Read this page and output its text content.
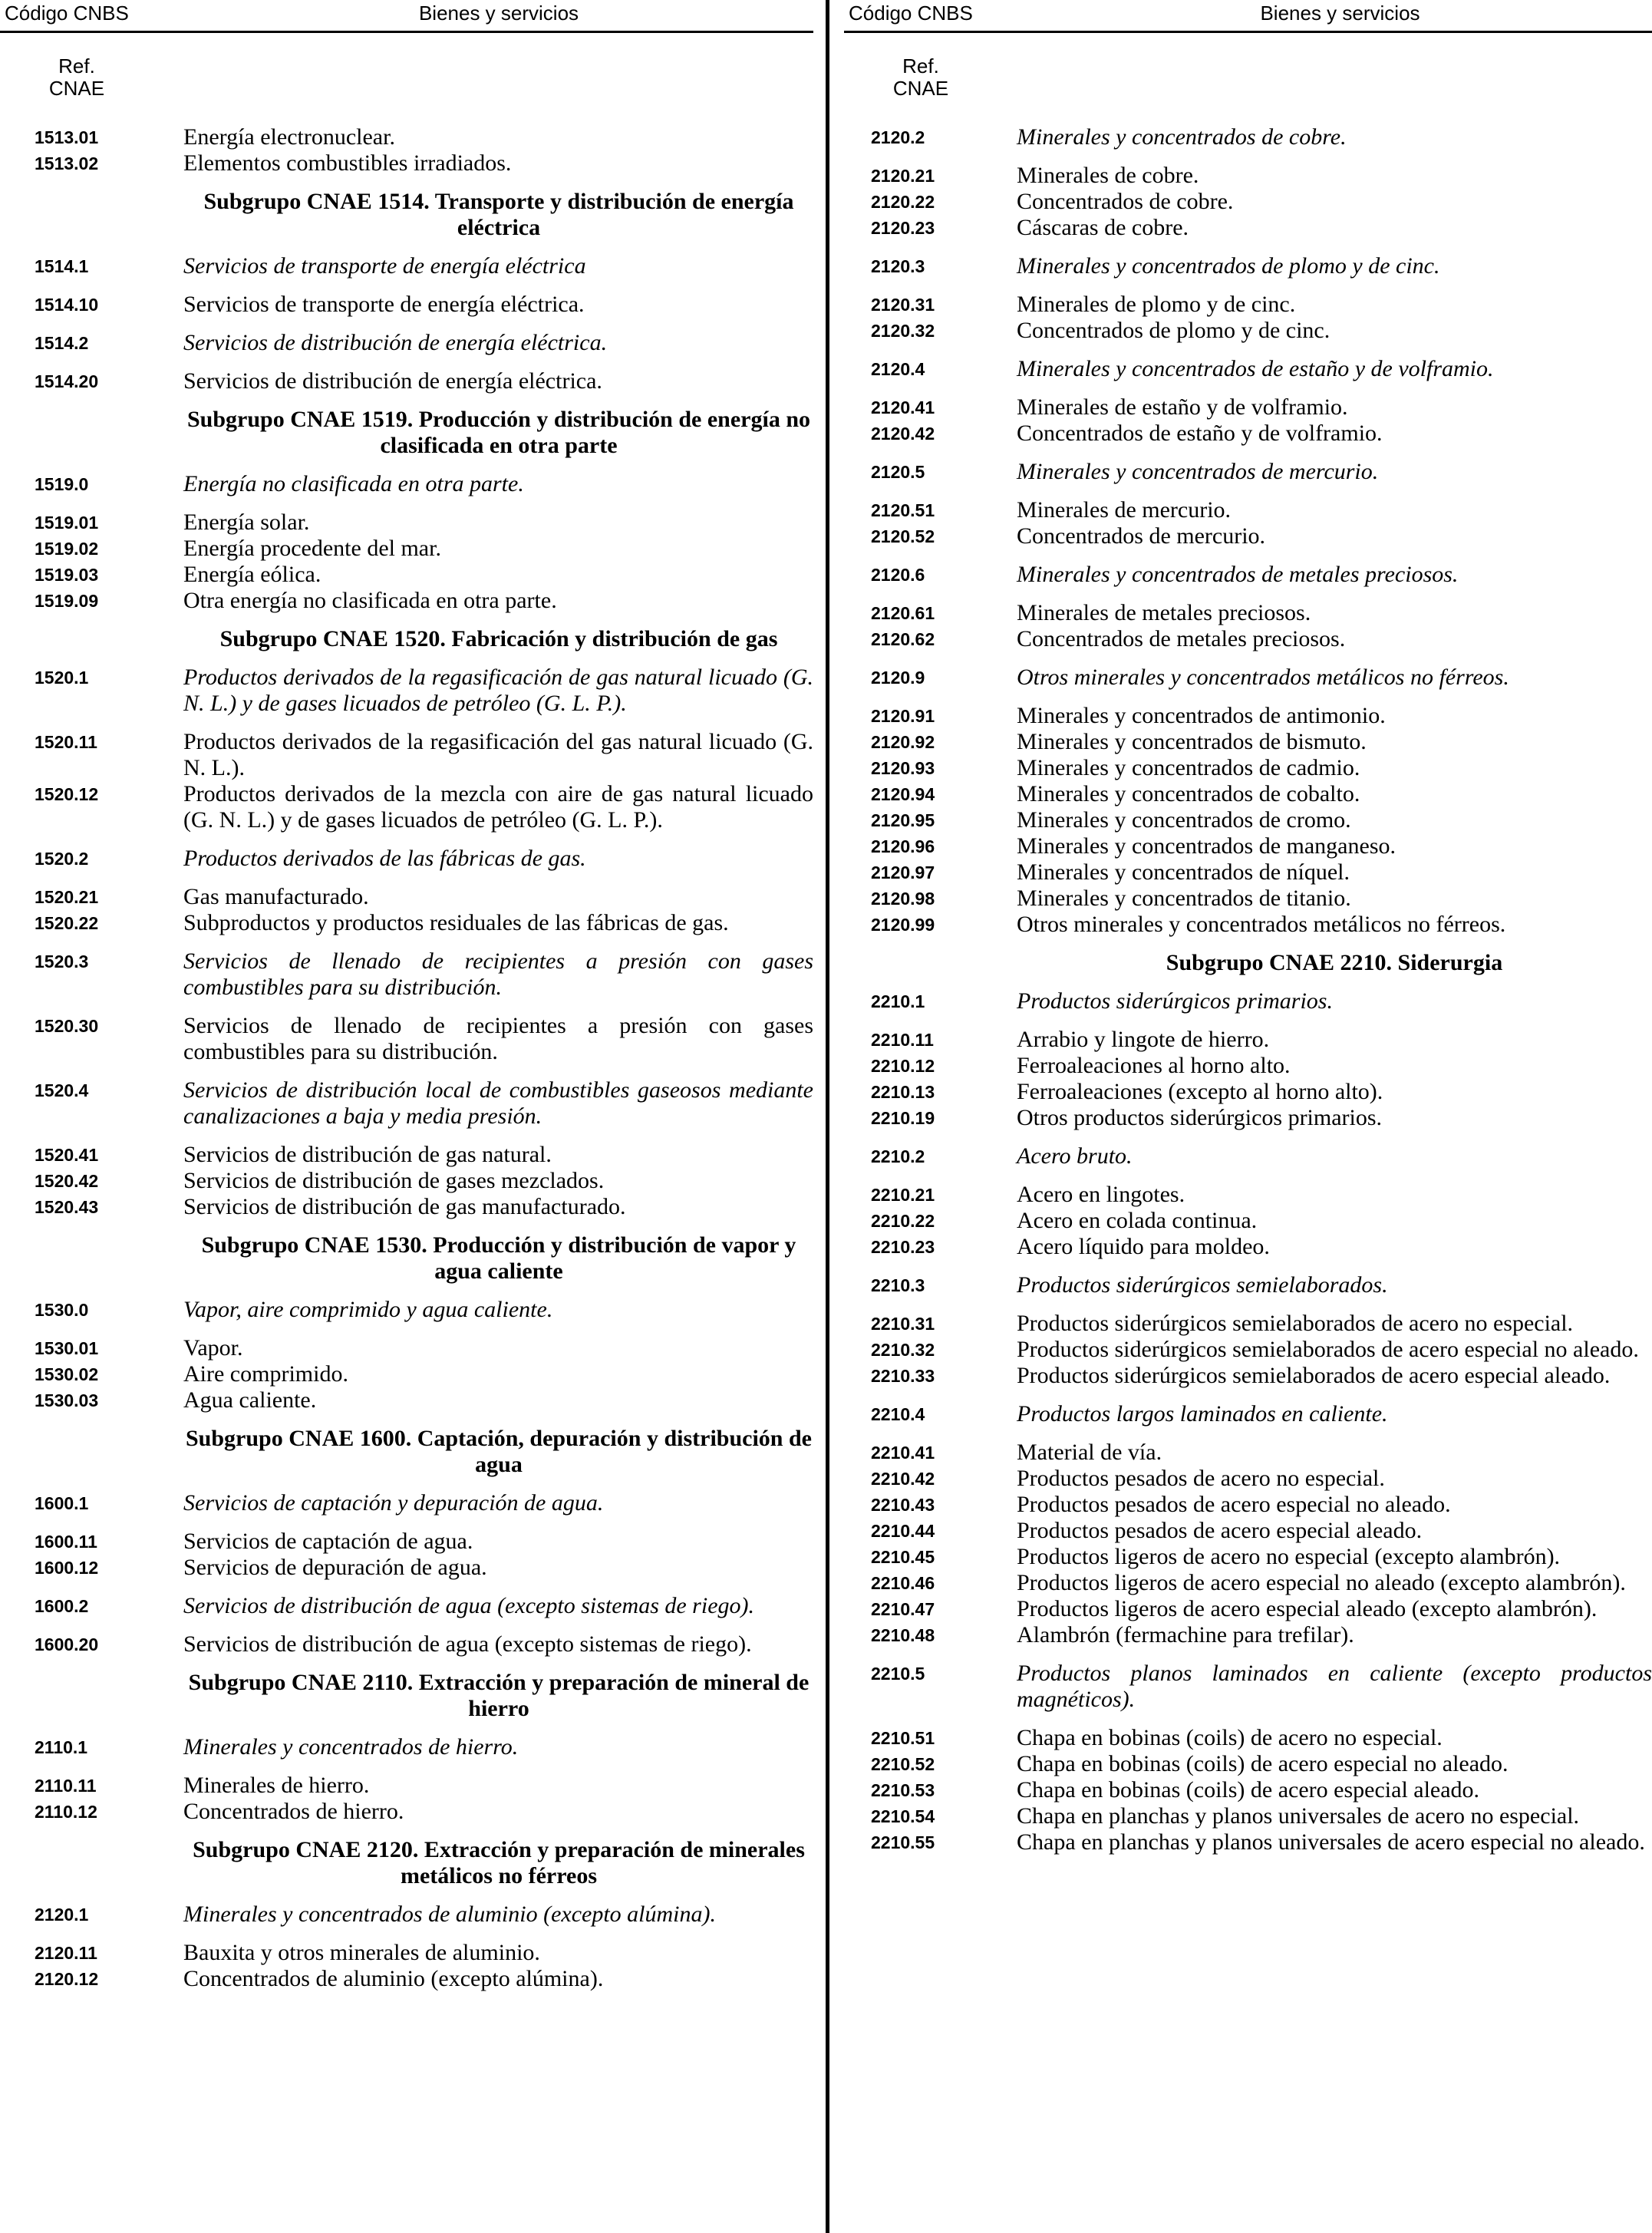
Código CNBS	Bienes y servicios
Ref.
CNAE
1513.01	Energía electronuclear.
1513.02	Elementos combustibles irradiados.
Subgrupo CNAE 1514. Transporte y distribución de energía eléctrica
1514.1	Servicios de transporte de energía eléctrica
1514.10	Servicios de transporte de energía eléctrica.
1514.2	Servicios de distribución de energía eléctrica.
1514.20	Servicios de distribución de energía eléctrica.
Subgrupo CNAE 1519. Producción y distribución de energía no clasificada en otra parte
1519.0	Energía no clasificada en otra parte.
1519.01	Energía solar.
1519.02	Energía procedente del mar.
1519.03	Energía eólica.
1519.09	Otra energía no clasificada en otra parte.
Subgrupo CNAE 1520. Fabricación y distribución de gas
1520.1	Productos derivados de la regasificación de gas natural licuado (G. N. L.) y de gases licuados de petróleo (G. L. P.).
1520.11	Productos derivados de la regasificación del gas natural licuado (G. N. L.).
1520.12	Productos derivados de la mezcla con aire de gas natural licuado (G. N. L.) y de gases licuados de petróleo (G. L. P.).
1520.2	Productos derivados de las fábricas de gas.
1520.21	Gas manufacturado.
1520.22	Subproductos y productos residuales de las fábricas de gas.
1520.3	Servicios de llenado de recipientes a presión con gases combustibles para su distribución.
1520.30	Servicios de llenado de recipientes a presión con gases combustibles para su distribución.
1520.4	Servicios de distribución local de combustibles gaseosos mediante canalizaciones a baja y media presión.
1520.41	Servicios de distribución de gas natural.
1520.42	Servicios de distribución de gases mezclados.
1520.43	Servicios de distribución de gas manufacturado.
Subgrupo CNAE 1530. Producción y distribución de vapor y agua caliente
1530.0	Vapor, aire comprimido y agua caliente.
1530.01	Vapor.
1530.02	Aire comprimido.
1530.03	Agua caliente.
Subgrupo CNAE 1600. Captación, depuración y distribución de agua
1600.1	Servicios de captación y depuración de agua.
1600.11	Servicios de captación de agua.
1600.12	Servicios de depuración de agua.
1600.2	Servicios de distribución de agua (excepto sistemas de riego).
1600.20	Servicios de distribución de agua (excepto sistemas de riego).
Subgrupo CNAE 2110. Extracción y preparación de mineral de hierro
2110.1	Minerales y concentrados de hierro.
2110.11	Minerales de hierro.
2110.12	Concentrados de hierro.
Subgrupo CNAE 2120. Extracción y preparación de minerales metálicos no férreos
2120.1	Minerales y concentrados de aluminio (excepto alúmina).
2120.11	Bauxita y otros minerales de aluminio.
2120.12	Concentrados de aluminio (excepto alúmina).
Código CNBS	Bienes y servicios
Ref.
CNAE
2120.2	Minerales y concentrados de cobre.
2120.21	Minerales de cobre.
2120.22	Concentrados de cobre.
2120.23	Cáscaras de cobre.
2120.3	Minerales y concentrados de plomo y de cinc.
2120.31	Minerales de plomo y de cinc.
2120.32	Concentrados de plomo y de cinc.
2120.4	Minerales y concentrados de estaño y de volframio.
2120.41	Minerales de estaño y de volframio.
2120.42	Concentrados de estaño y de volframio.
2120.5	Minerales y concentrados de mercurio.
2120.51	Minerales de mercurio.
2120.52	Concentrados de mercurio.
2120.6	Minerales y concentrados de metales preciosos.
2120.61	Minerales de metales preciosos.
2120.62	Concentrados de metales preciosos.
2120.9	Otros minerales y concentrados metálicos no férreos.
2120.91	Minerales y concentrados de antimonio.
2120.92	Minerales y concentrados de bismuto.
2120.93	Minerales y concentrados de cadmio.
2120.94	Minerales y concentrados de cobalto.
2120.95	Minerales y concentrados de cromo.
2120.96	Minerales y concentrados de manganeso.
2120.97	Minerales y concentrados de níquel.
2120.98	Minerales y concentrados de titanio.
2120.99	Otros minerales y concentrados metálicos no férreos.
Subgrupo CNAE 2210. Siderurgia
2210.1	Productos siderúrgicos primarios.
2210.11	Arrabio y lingote de hierro.
2210.12	Ferroaleaciones al horno alto.
2210.13	Ferroaleaciones (excepto al horno alto).
2210.19	Otros productos siderúrgicos primarios.
2210.2	Acero bruto.
2210.21	Acero en lingotes.
2210.22	Acero en colada continua.
2210.23	Acero líquido para moldeo.
2210.3	Productos siderúrgicos semielaborados.
2210.31	Productos siderúrgicos semielaborados de acero no especial.
2210.32	Productos siderúrgicos semielaborados de acero especial no aleado.
2210.33	Productos siderúrgicos semielaborados de acero especial aleado.
2210.4	Productos largos laminados en caliente.
2210.41	Material de vía.
2210.42	Productos pesados de acero no especial.
2210.43	Productos pesados de acero especial no aleado.
2210.44	Productos pesados de acero especial aleado.
2210.45	Productos ligeros de acero no especial (excepto alambrón).
2210.46	Productos ligeros de acero especial no aleado (excepto alambrón).
2210.47	Productos ligeros de acero especial aleado (excepto alambrón).
2210.48	Alambrón (fermachine para trefilar).
2210.5	Productos planos laminados en caliente (excepto productos magnéticos).
2210.51	Chapa en bobinas (coils) de acero no especial.
2210.52	Chapa en bobinas (coils) de acero especial no aleado.
2210.53	Chapa en bobinas (coils) de acero especial aleado.
2210.54	Chapa en planchas y planos universales de acero no especial.
2210.55	Chapa en planchas y planos universales de acero especial no aleado.
